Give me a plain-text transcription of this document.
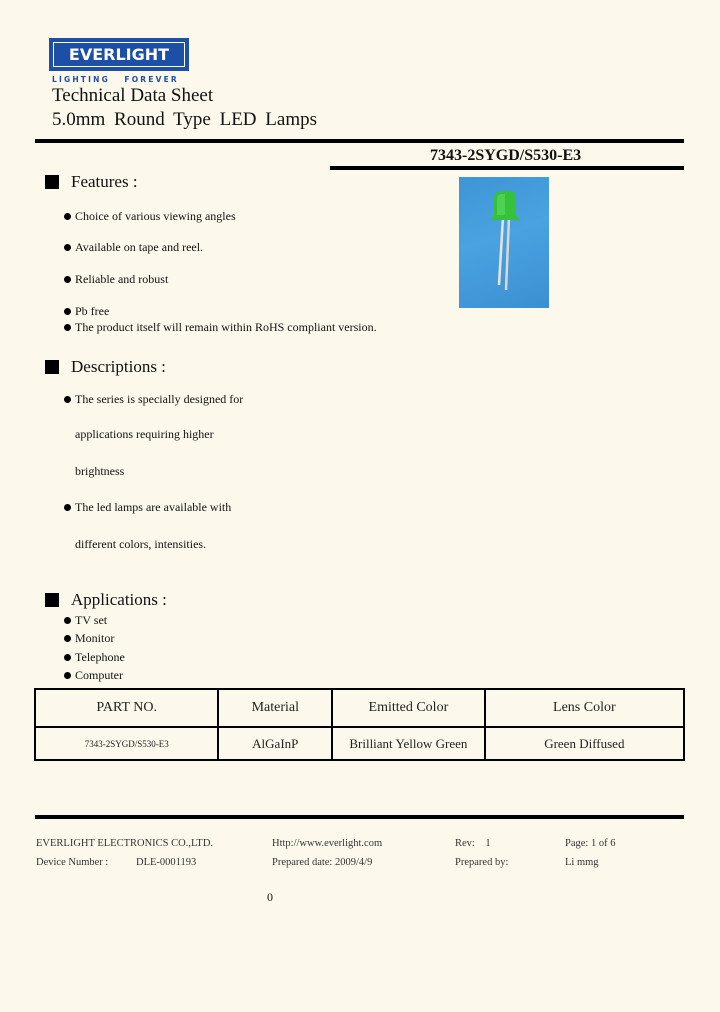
EVERLIGHT
LIGHTING   FOREVER
Technical Data Sheet
5.0mm Round Type LED Lamps
7343-2SYGD/S530-E3
Features :
Choice of various viewing angles
Available on tape and reel.
Reliable and robust
Pb free
The product itself will remain within RoHS compliant version.
Descriptions :
The series is specially designed for
applications requiring higher
brightness
The led lamps are available with
different colors, intensities.
Applications :
TV set
Monitor
Telephone
Computer
PART NO.	Material	Emitted Color	Lens Color
7343-2SYGD/S530-E3	AlGaInP	Brilliant Yellow Green	Green Diffused
EVERLIGHT ELECTRONICS CO.,LTD.	Http://www.everlight.com	Rev:    1	Page: 1 of 6
Device Number :	DLE-0001193	Prepared date: 2009/4/9	Prepared by:	Li mmg
0
